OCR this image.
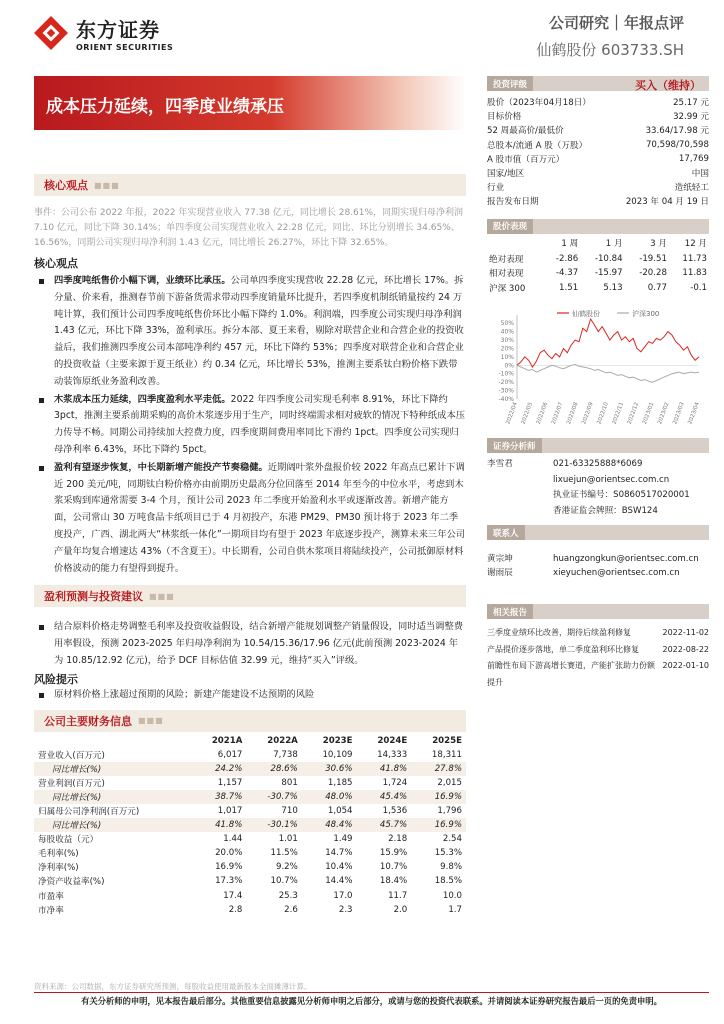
东方证券
ORIENT SECURITIES
公司研究｜年报点评
仙鹤股份 603733.SH
成本压力延续，四季度业绩承压
核心观点 ■■■
事件：公司公布 2022 年报，2022 年实现营业收入 77.38 亿元，同比增长 28.61%，同期实现归母净利润 7.10 亿元，同比下降 30.14%；单四季度公司实现营业收入 22.28 亿元，同比、环比分别增长 34.65%、16.56%，同期公司实现归母净利润 1.43 亿元，同比增长 26.27%，环比下降 32.65%。
核心观点
四季度吨纸售价小幅下调，业绩环比承压。公司单四季度实现营收 22.28 亿元，环比增长 17%。拆分量、价来看，推测春节前下游备货需求带动四季度销量环比提升，若四季度机制纸销量按约 24 万吨计算，我们预计公司四季度吨纸售价环比小幅下降约 1.0%。利润端，四季度公司实现归母净利润 1.43 亿元，环比下降 33%，盈利承压。拆分本部、夏王来看，剔除对联营企业和合营企业的投资收益后，我们推测四季度公司本部吨净利约 457 元，环比下降约 53%；四季度对联营企业和合营企业的投资收益（主要来源于夏王纸业）约 0.34 亿元，环比增长 53%，推测主要系钛白粉价格下跌带动装饰原纸业务盈利改善。
木浆成本压力延续，四季度盈利水平走低。2022 年四季度公司实现毛利率 8.91%，环比下降约 3pct，推测主要系前期采购的高价木浆逐步用于生产，同时终端需求相对疲软的情况下特种纸成本压力传导不畅。同期公司持续加大控费力度，四季度期间费用率同比下滑约 1pct。四季度公司实现归母净利率 6.43%，环比下降约 5pct。
盈利有望逐步恢复，中长期新增产能投产节奏稳健。近期阔叶浆外盘报价较 2022 年高点已累计下调近 200 美元/吨，同期钛白粉价格亦由前期历史最高分位回落至 2014 年至今的中位水平，考虑到木浆采购到库通常需要 3-4 个月，预计公司 2023 年二季度开始盈利水平或逐渐改善。新增产能方面，公司常山 30 万吨食品卡纸项目已于 4 月初投产，东港 PM29、PM30 预计将于 2023 年二季度投产，广西、湖北两大“林浆纸一体化”一期项目均有望于 2023 年底逐步投产，测算未来三年公司产量年均复合增速达 43%（不含夏王）。中长期看，公司自供木浆项目将陆续投产，公司抵御原材料价格波动的能力有望得到提升。
盈利预测与投资建议 ■■■
结合原料价格走势调整毛利率及投资收益假设，结合新增产能规划调整产销量假设，同时适当调整费用率假设，预测 2023-2025 年归母净利润为 10.54/15.36/17.96 亿元(此前预测 2023-2024 年为 10.85/12.92 亿元)，给予 DCF 目标估值 32.99 元，维持“买入”评级。
风险提示
原材料价格上涨超过预期的风险；新建产能建设不达预期的风险
公司主要财务信息 ■■■
	2021A	2022A	2023E	2024E	2025E
营业收入(百万元)	6,017	7,738	10,109	14,333	18,311
同比增长(%)	24.2%	28.6%	30.6%	41.8%	27.8%
营业利润(百万元)	1,157	801	1,185	1,724	2,015
同比增长(%)	38.7%	-30.7%	48.0%	45.4%	16.9%
归属母公司净利润(百万元)	1,017	710	1,054	1,536	1,796
同比增长(%)	41.8%	-30.1%	48.4%	45.7%	16.9%
每股收益（元）	1.44	1.01	1.49	2.18	2.54
毛利率(%)	20.0%	11.5%	14.7%	15.9%	15.3%
净利率(%)	16.9%	9.2%	10.4%	10.7%	9.8%
净资产收益率(%)	17.3%	10.7%	14.4%	18.4%	18.5%
市盈率	17.4	25.3	17.0	11.7	10.0
市净率	2.8	2.6	2.3	2.0	1.7
投资评级	买入（维持）
股价（2023年04月18日）	25.17 元
目标价格	32.99 元
52 周最高价/最低价	33.64/17.98 元
总股本/流通 A 股（万股）	70,598/70,598
A 股市值（百万元）	17,769
国家/地区	中国
行业	造纸轻工
报告发布日期	2023 年 04 月 19 日
股价表现
	1 周	1 月	3 月	12 月
绝对表现	-2.86	-10.84	-19.51	11.73
相对表现	-4.37	-15.97	-20.28	11.83
沪深 300	1.51	5.13	0.77	-0.1
仙鹤股份	沪深300
50%
40%
30%
20%
10%
0%
-10%
-20%
-30%
-40%
2022/04 2022/05 2022/06 2022/07 2022/08 2022/09 2022/10 2022/11 2022/12 2023/01 2023/02 2023/03 2023/04
证券分析师
李雪君	021-63325888*6069
lixuejun@orientsec.com.cn
执业证书编号：S0860517020001
香港证监会牌照：BSW124
联系人
黄宗坤	huangzongkun@orientsec.com.cn
谢雨辰	xieyuchen@orientsec.com.cn
相关报告
三季度业绩环比改善，期待后续盈利修复	2022-11-02
产品提价逐步落地，单二季度盈利环比修复	2022-08-22
前瞻性布局下游高增长赛道，产能扩张助力份额提升
2022-01-10
资料来源：公司数据，东方证券研究所预测，每股收益使用最新股本全面摊薄计算。
有关分析师的申明，见本报告最后部分。其他重要信息披露见分析师申明之后部分，或请与您的投资代表联系。并请阅读本证券研究报告最后一页的免责申明。
